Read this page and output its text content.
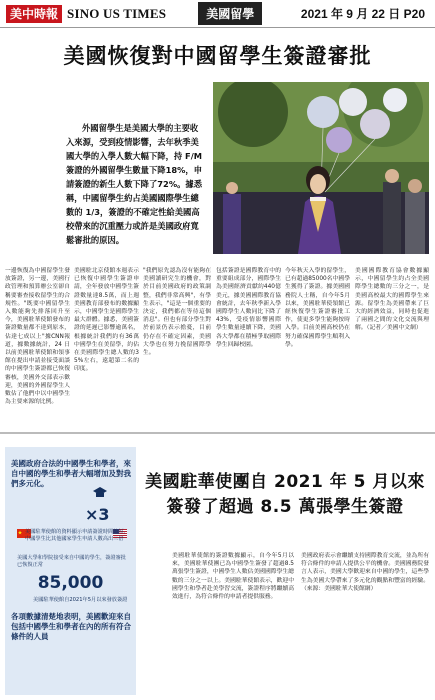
美中時報 SINO US TIMES	美國留學	2021 年 9 月 22 日 P20
美國恢復對中國留學生簽證審批
外國留學生是美國大學的主要收入來源，受到疫情影響，去年秋季美國大學的入學人數大幅下降，持 F/M 簽證的外國留學生數量下降18%，申請簽證的新生人數下降了72%。據悉稱，中國留學生約占美國國際學生總數的 1/3，簽證的不確定性給美國高校帶來的沉重壓力或許是美國政府寬鬆審批的原因。
一邊恢復為中國留學生發放簽證，另一邊，美國行政管理和預算辦公室卻自稱要審查接收留學生的合規性。"既要中國留學生入數能夠先排落回升至今，美國駐華使館發布的簽證數量都不達到原本，佔達七成以上"據CNN報道，據數據統計，24 日以前美國駐華使館和領事館在提出申請並接受面談的中國學生簽證都已恢復審核，美國外交部表示歡迎，美國的外國留學生人數佔了他們中以中國學生為主要來源的比例。
美國駐北京使館本週表示已恢復中國學生簽證申請，全年發放中國學生簽證數量達8.5萬，而上週美國教育部發布的數據顯示，中國學生是國際學生最大群體。據悉，美國簽證的延遲已影響逾萬名，根據統計我們約有36萬中國學生在美留學，約佔在美國際學生總人數的35%左右，遠超第二名的印度。
"我們原先認為沒有能夠在美國讀研究生的機會，對於目前美國政府的政策調整，我們非常高興"，有學生表示，"這是一個重要的決定，我們都在等待這個消息"。但也有部分學生對於前景仍表示擔憂，目前仍存在不確定因素，美國大學也在努力挽留國際學生。
包括簽證是國際教育中的重要組成部分，國際學生為美國經濟貢獻約440億美元，據美國國際教育協會統計，去年秋季新入學國際學生人數同比下降了43%，受疫情影響國際學生數量連續下降，美國各大學都在積極爭取國際學生回歸校園。
今年秋天入學的留學生，已有超過85000名中國學生獲得了簽證。據美國國務院人士稱，自今年5月以來，美國駐華使領館已經恢復學生簽證審批工作，使更多學生能夠按時入學。目前美國高校仍在努力確保國際學生順利入學。
美國國際教育協會數據顯示，中國留學生約占全美國際學生總數的三分之一，是美國高校最大的國際學生來源。留學生為美國帶來了巨大的經濟效益，同時也促進了兩國之間的文化交流與理解。（記者／美國中文網）
美國政府合法的中國學生和學者，來自中國的學生和學者大幅增加及對我們多元化。
×3
美國駐華使館的資料顯示申請簽證時間縮短，中國學生比其他國家學生申請人數高出三倍
美國大學和學院接受來自中國的學生，簽證審批已恢復正常
85,000
美國駐華使館自2021年5月以來發放簽證
各項數據清楚地表明，美國歡迎來自包括中國學生和學者在內的所有符合條件的人員
美國駐華使團自 2021 年 5 月以來簽發了超過 8.5 萬張學生簽證
美國駐華使館的簽證數據顯示，自今年5月以來，美國駐華使團已為中國學生簽發了超過8.5萬張學生簽證，中國學生人數佔美國國際學生總數的三分之一以上。美國駐華使館表示，歡迎中國學生和學者赴美學習交流，簽證程序將繼續高效進行，為符合條件的申請者提供服務。
美國政府表示會繼續支持國際教育交流，並為所有符合條件的申請人提供公平的機會。美國國務院發言人表示，美國大學歡迎來自中國的學生，這些學生為美國大學帶來了多元化的觀點和豐富的經驗。（來源：美國駐華大使館網）
